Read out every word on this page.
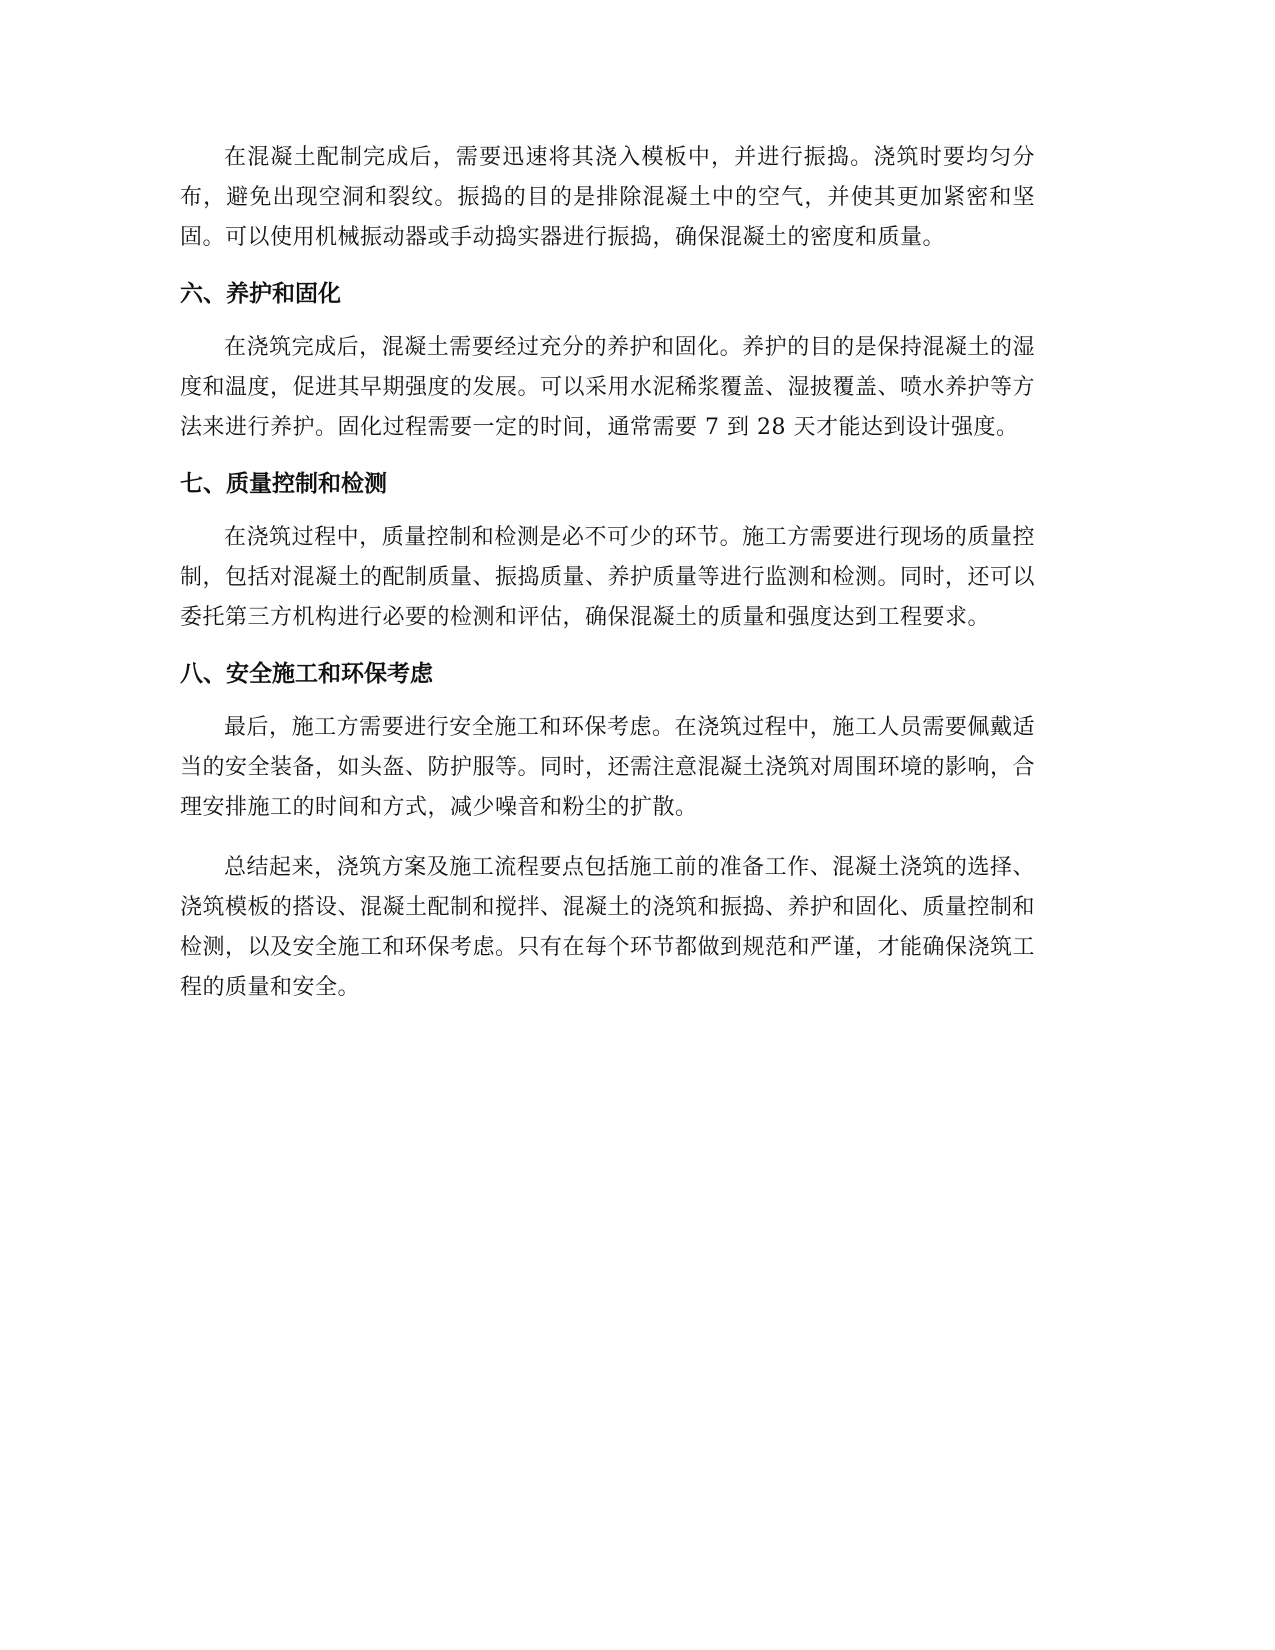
在混凝土配制完成后，需要迅速将其浇入模板中，并进行振捣。浇筑时要均匀分布，避免出现空洞和裂纹。振捣的目的是排除混凝土中的空气，并使其更加紧密和坚固。可以使用机械振动器或手动捣实器进行振捣，确保混凝土的密度和质量。

六、养护和固化

在浇筑完成后，混凝土需要经过充分的养护和固化。养护的目的是保持混凝土的湿度和温度，促进其早期强度的发展。可以采用水泥稀浆覆盖、湿披覆盖、喷水养护等方法来进行养护。固化过程需要一定的时间，通常需要 7 到 28 天才能达到设计强度。

七、质量控制和检测

在浇筑过程中，质量控制和检测是必不可少的环节。施工方需要进行现场的质量控制，包括对混凝土的配制质量、振捣质量、养护质量等进行监测和检测。同时，还可以委托第三方机构进行必要的检测和评估，确保混凝土的质量和强度达到工程要求。

八、安全施工和环保考虑

最后，施工方需要进行安全施工和环保考虑。在浇筑过程中，施工人员需要佩戴适当的安全装备，如头盔、防护服等。同时，还需注意混凝土浇筑对周围环境的影响，合理安排施工的时间和方式，减少噪音和粉尘的扩散。

总结起来，浇筑方案及施工流程要点包括施工前的准备工作、混凝土浇筑的选择、浇筑模板的搭设、混凝土配制和搅拌、混凝土的浇筑和振捣、养护和固化、质量控制和检测，以及安全施工和环保考虑。只有在每个环节都做到规范和严谨，才能确保浇筑工程的质量和安全。
